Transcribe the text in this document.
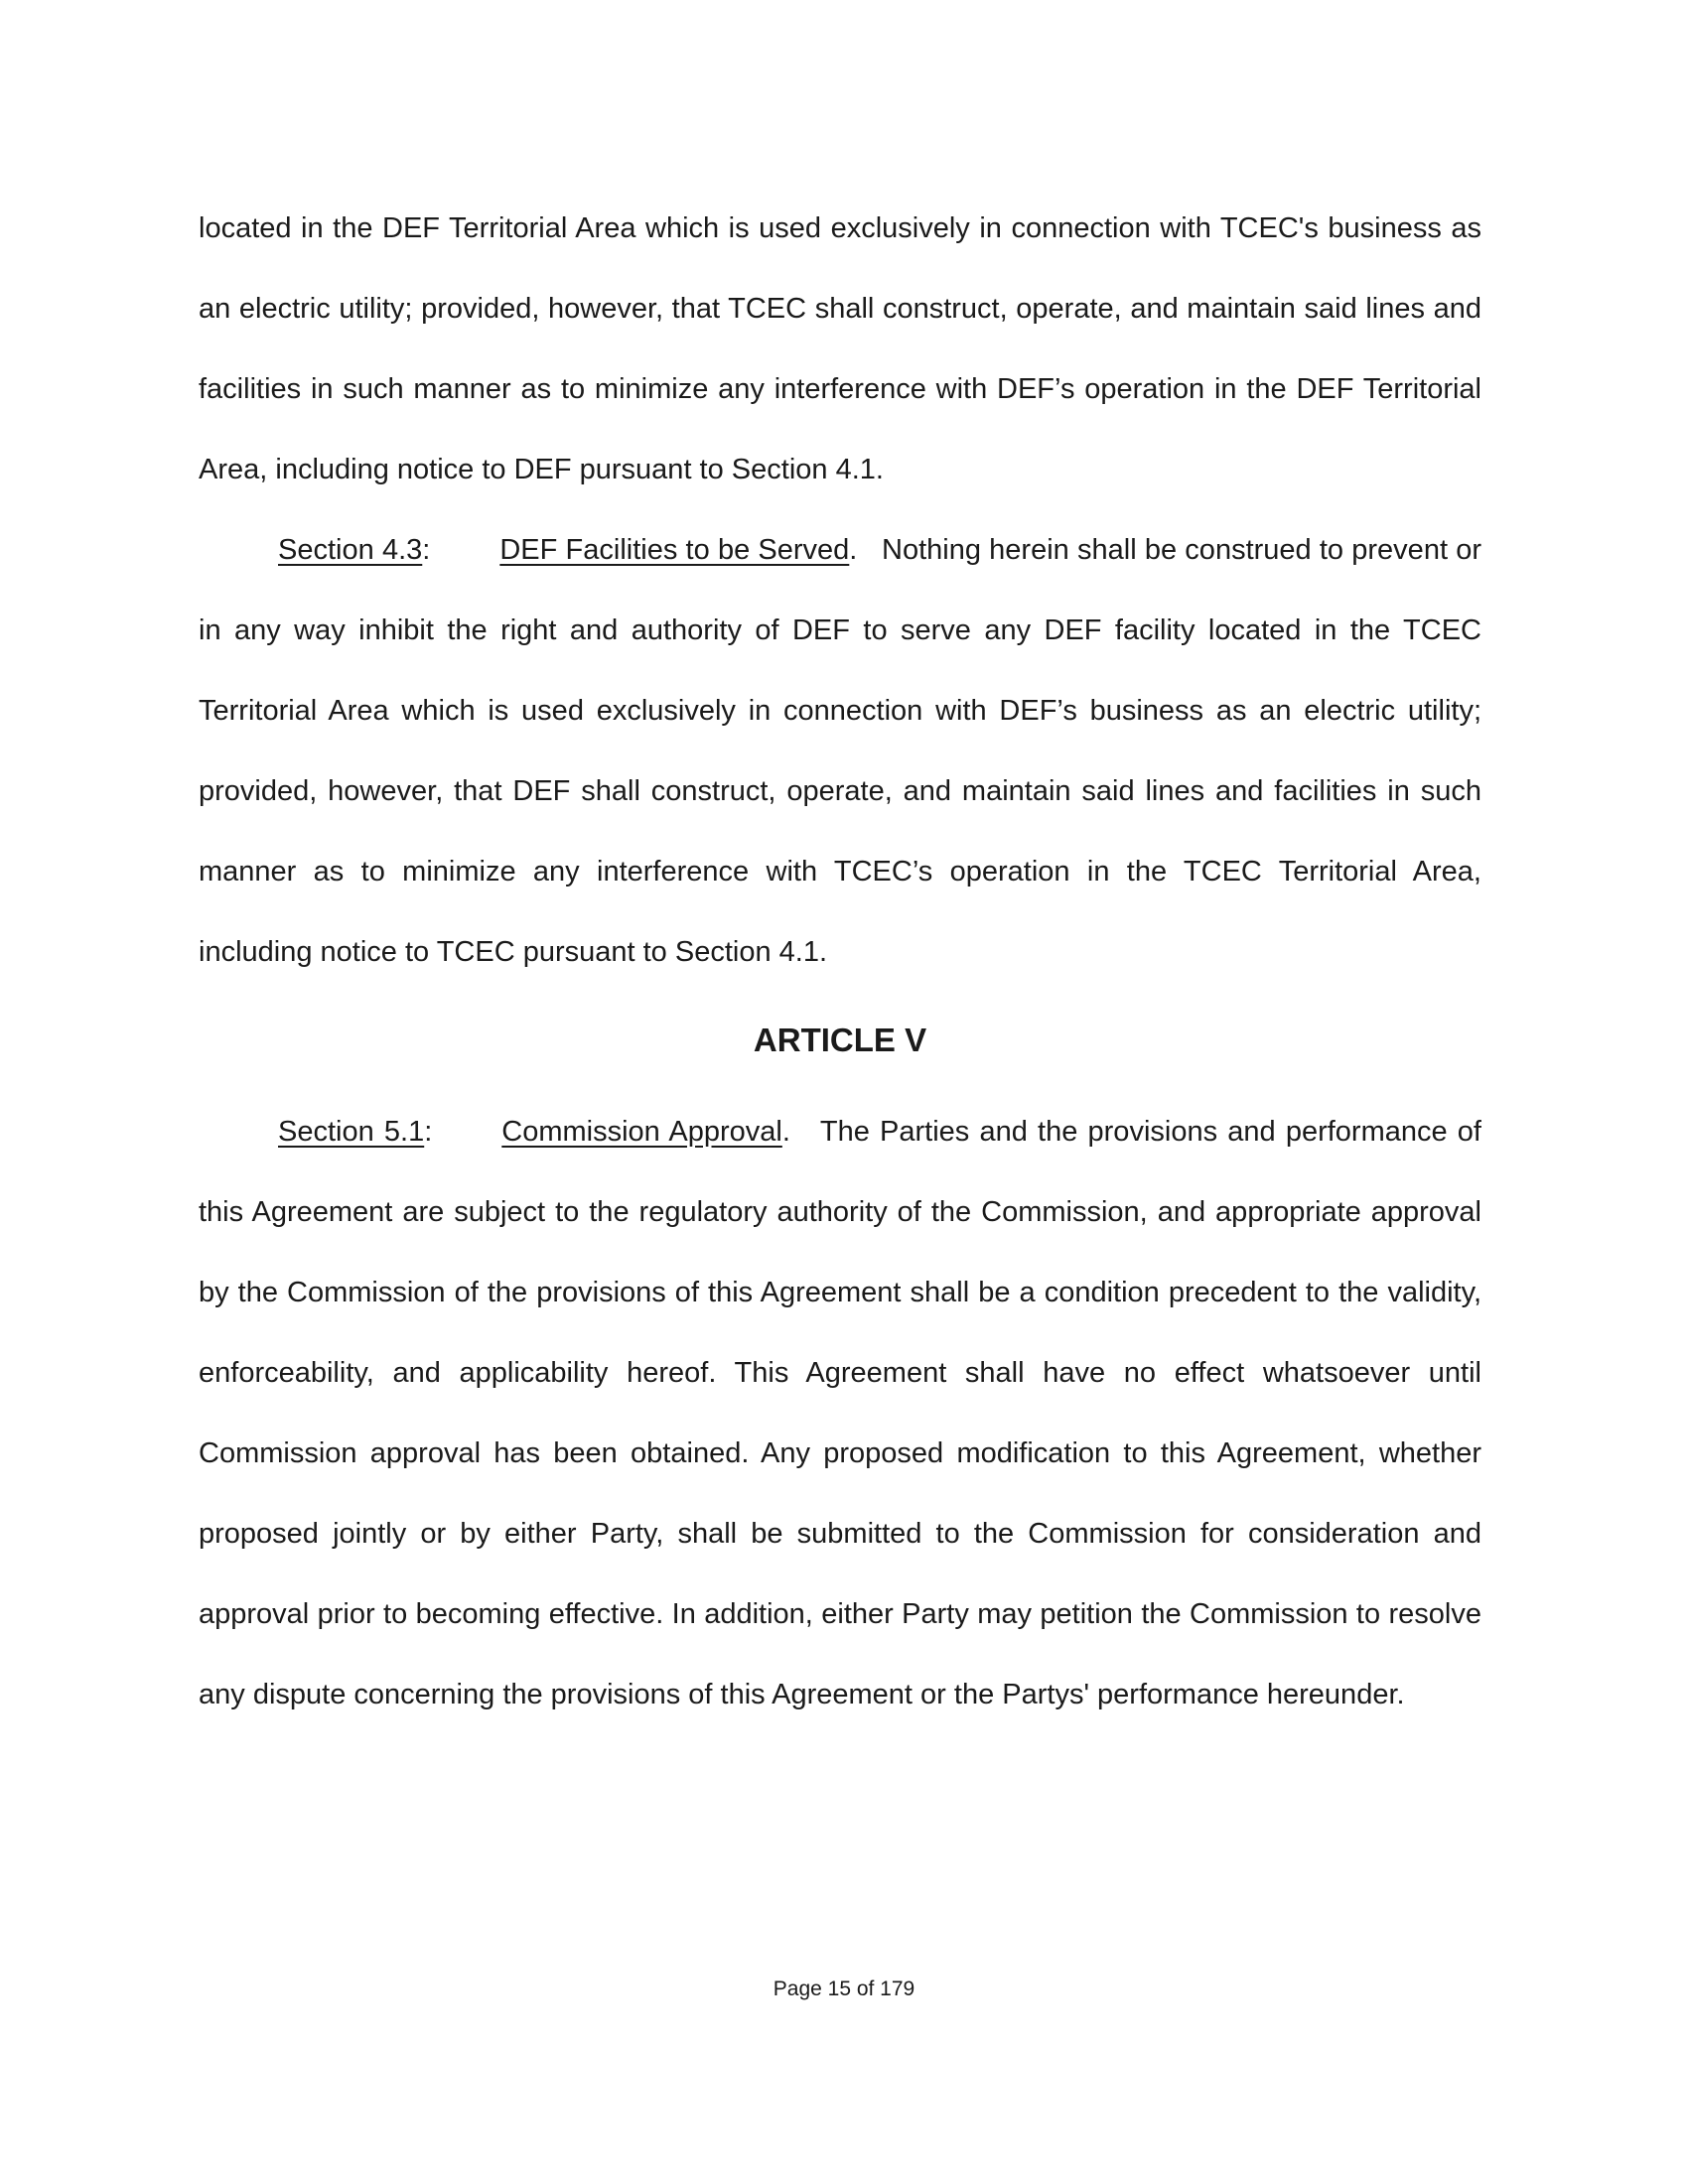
located in the DEF Territorial Area which is used exclusively in connection with TCEC's business as an electric utility; provided, however, that TCEC shall construct, operate, and maintain said lines and facilities in such manner as to minimize any interference with DEF’s operation in the DEF Territorial Area, including notice to DEF pursuant to Section 4.1.

Section 4.3: DEF Facilities to be Served.   Nothing herein shall be construed to prevent or in any way inhibit the right and authority of DEF to serve any DEF facility located in the TCEC Territorial Area which is used exclusively in connection with DEF’s business as an electric utility; provided, however, that DEF shall construct, operate, and maintain said lines and facilities in such manner as to minimize any interference with TCEC’s operation in the TCEC Territorial Area, including notice to TCEC pursuant to Section 4.1.

ARTICLE V

Section 5.1: Commission Approval.   The Parties and the provisions and performance of this Agreement are subject to the regulatory authority of the Commission, and appropriate approval by the Commission of the provisions of this Agreement shall be a condition precedent to the validity, enforceability, and applicability hereof. This Agreement shall have no effect whatsoever until Commission approval has been obtained. Any proposed modification to this Agreement, whether proposed jointly or by either Party, shall be submitted to the Commission for consideration and approval prior to becoming effective. In addition, either Party may petition the Commission to resolve any dispute concerning the provisions of this Agreement or the Partys' performance hereunder.

Page 15 of 179
